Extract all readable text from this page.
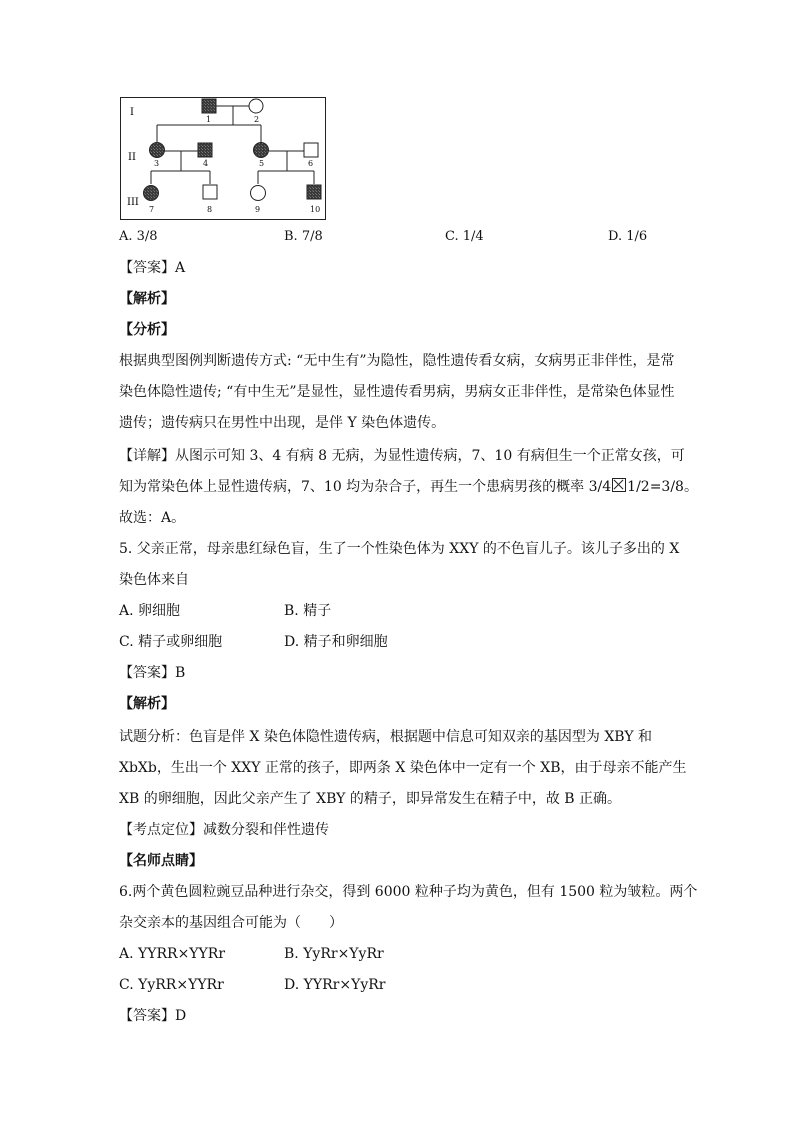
I
II
III
1	2
3	4	5	6
7	8	9	10
A. 3/8	B. 7/8	C. 1/4	D. 1/6
【答案】A
【解析】
【分析】
根据典型图例判断遗传方式: “无中生有”为隐性，隐性遗传看女病，女病男正非伴性，是常
染色体隐性遗传; “有中生无”是显性，显性遗传看男病，男病女正非伴性，是常染色体显性
遗传；遗传病只在男性中出现，是伴 Y 染色体遗传。
【详解】从图示可知 3、4 有病 8 无病，为显性遗传病，7、10 有病但生一个正常女孩，可
知为常染色体上显性遗传病，7、10 均为杂合子，再生一个患病男孩的概率 3/4 1/2=3/8。
故选：A。
5. 父亲正常，母亲患红绿色盲，生了一个性染色体为 XXY 的不色盲儿子。该儿子多出的 X
染色体来自
A. 卵细胞	B. 精子
C. 精子或卵细胞	D. 精子和卵细胞
【答案】B
【解析】
试题分析：色盲是伴 X 染色体隐性遗传病，根据题中信息可知双亲的基因型为 XBY 和
XbXb，生出一个 XXY 正常的孩子，即两条 X 染色体中一定有一个 XB，由于母亲不能产生
XB 的卵细胞，因此父亲产生了 XBY 的精子，即异常发生在精子中，故 B 正确。
【考点定位】减数分裂和伴性遗传
【名师点睛】
6.两个黄色圆粒豌豆品种进行杂交，得到 6000 粒种子均为黄色，但有 1500 粒为皱粒。两个
杂交亲本的基因组合可能为（　　）
A. YYRR×YYRr	B. YyRr×YyRr
C. YyRR×YYRr	D. YYRr×YyRr
【答案】D
